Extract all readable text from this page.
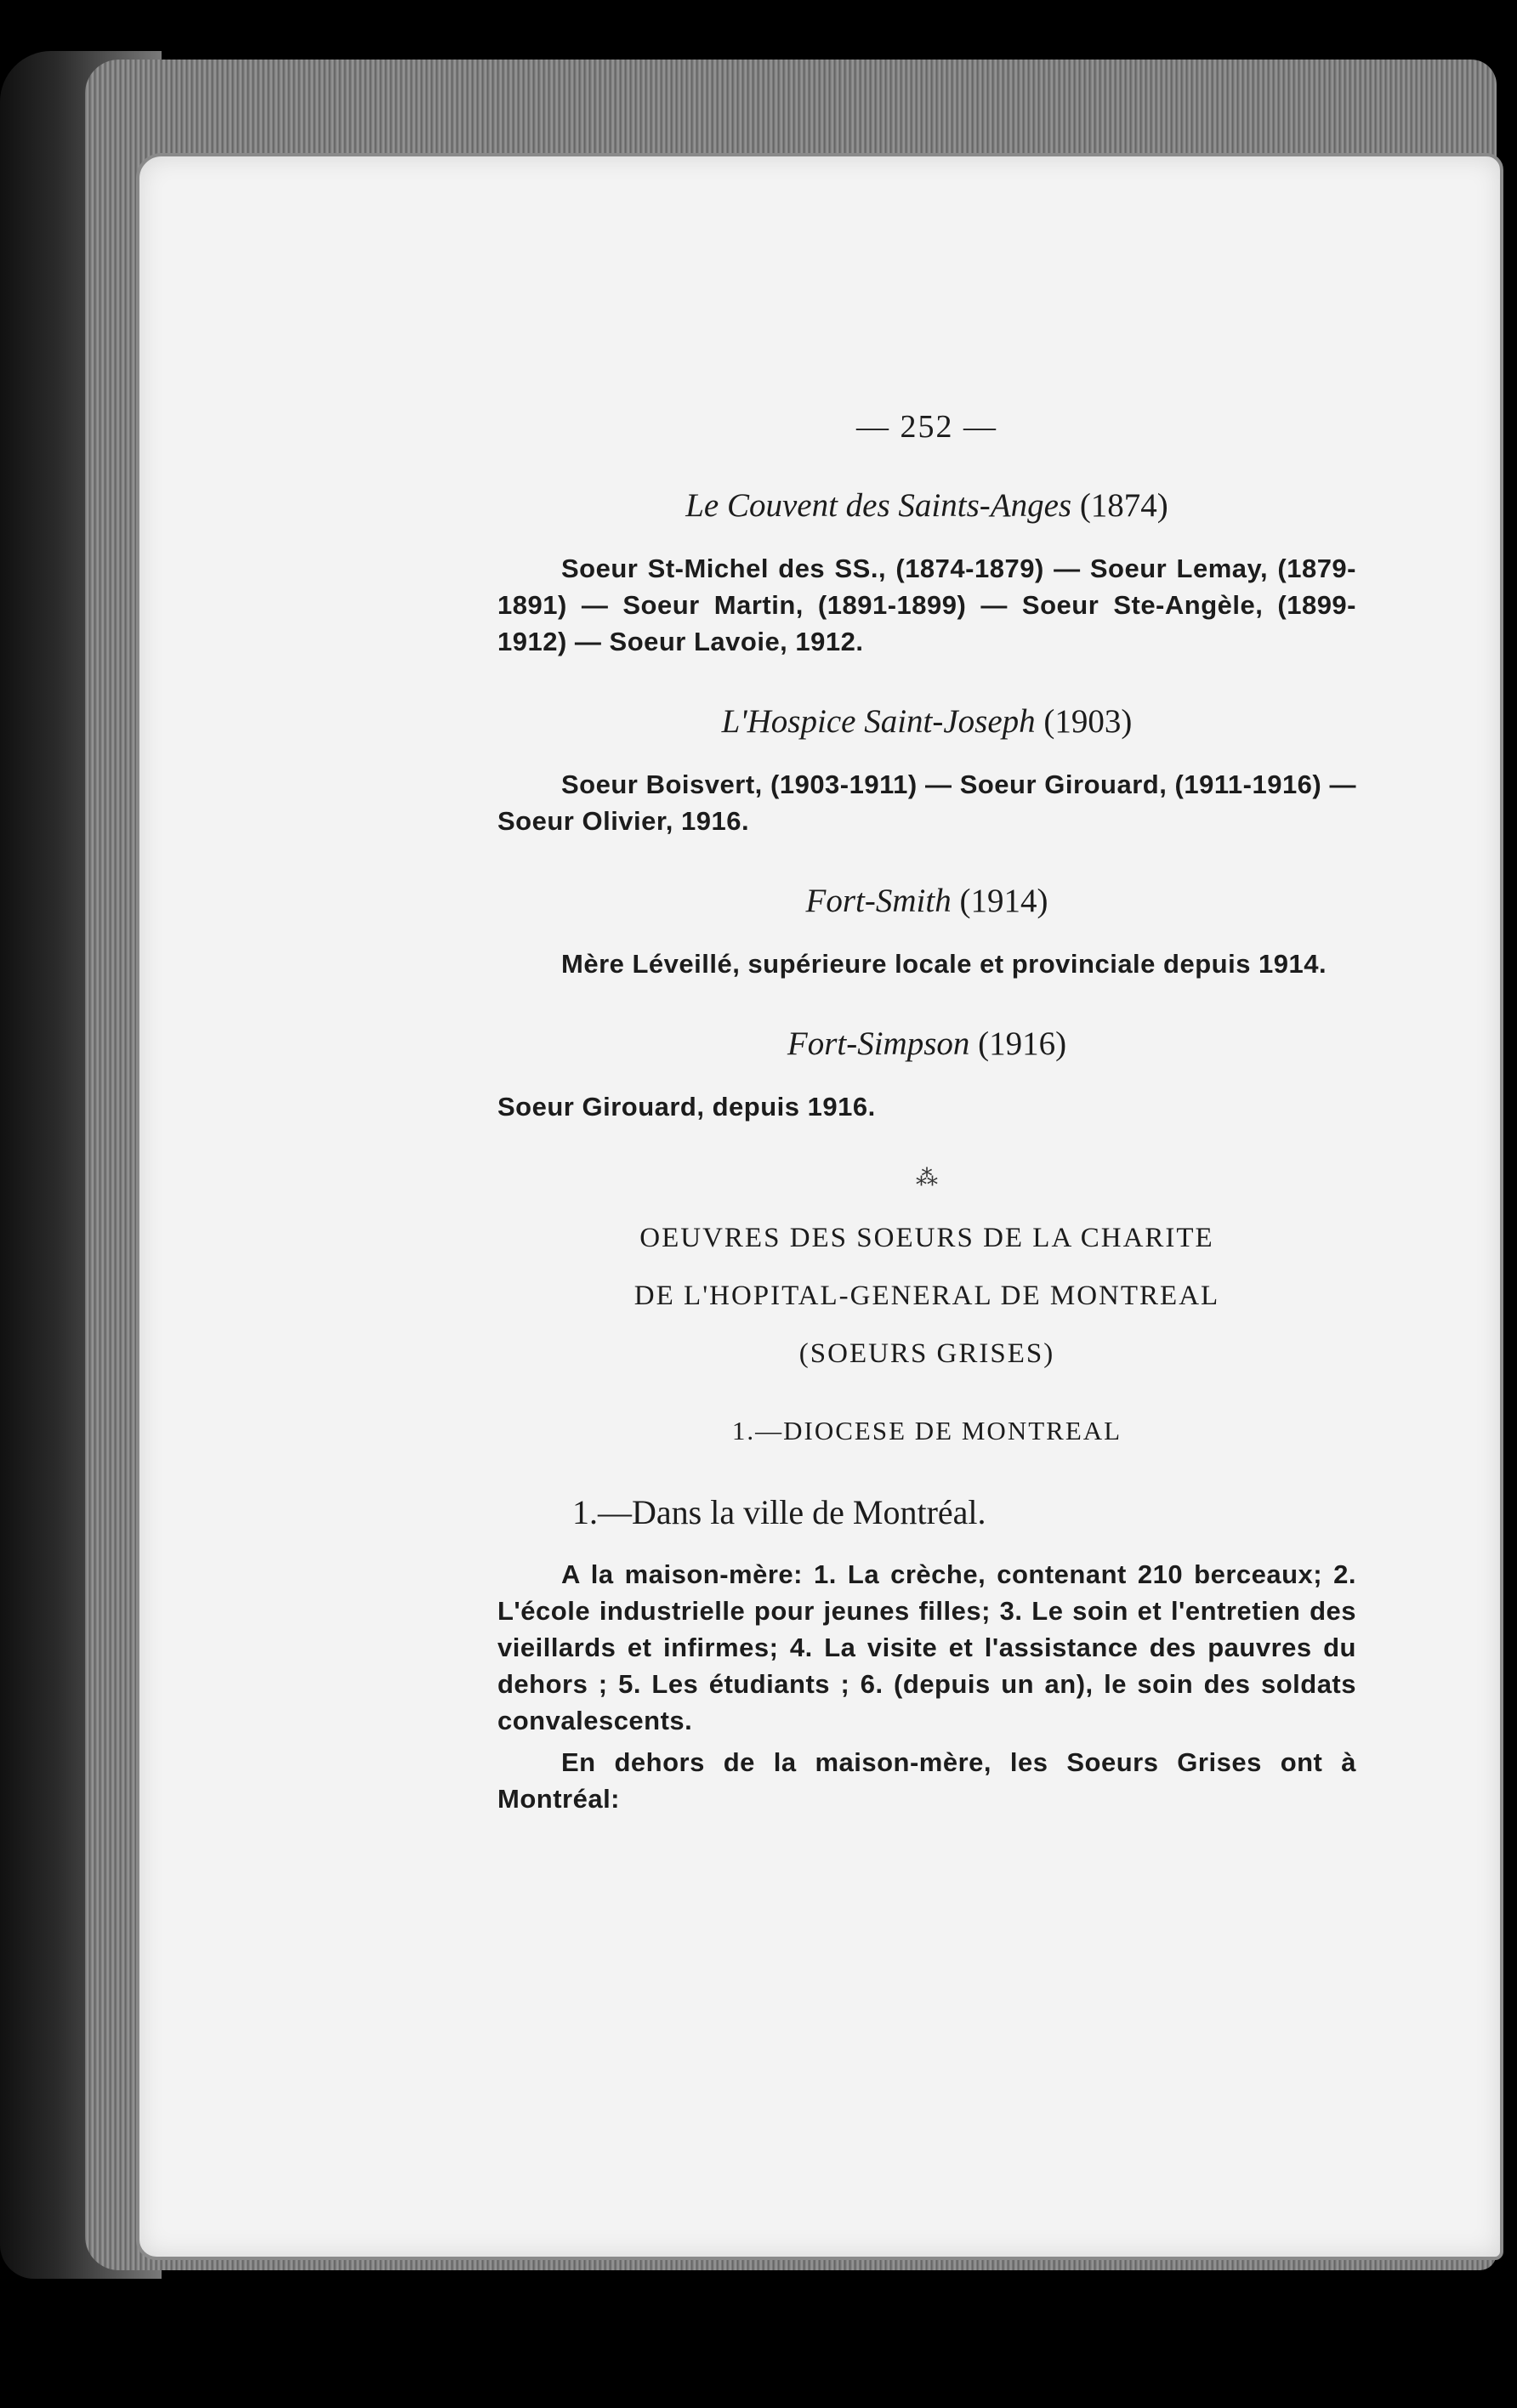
— 252 —

Le Couvent des Saints-Anges (1874)

Soeur St-Michel des SS., (1874-1879) — Soeur Lemay, (1879-1891) — Soeur Martin, (1891-1899) — Soeur Ste-Angèle, (1899-1912) — Soeur Lavoie, 1912.

L'Hospice Saint-Joseph (1903)

Soeur Boisvert, (1903-1911) — Soeur Girouard, (1911-1916) — Soeur Olivier, 1916.

Fort-Smith (1914)

Mère Léveillé, supérieure locale et provinciale depuis 1914.

Fort-Simpson (1916)

Soeur Girouard, depuis 1916.

⁂

OEUVRES DES SOEURS DE LA CHARITE

DE L'HOPITAL-GENERAL DE MONTREAL

(SOEURS GRISES)

1.—DIOCESE DE MONTREAL

1.—Dans la ville de Montréal.

A la maison-mère: 1. La crèche, contenant 210 berceaux; 2. L'école industrielle pour jeunes filles; 3. Le soin et l'entretien des vieillards et infirmes; 4. La visite et l'assistance des pauvres du dehors ; 5. Les étudiants ; 6. (depuis un an), le soin des soldats convalescents.

En dehors de la maison-mère, les Soeurs Grises ont à Montréal:
